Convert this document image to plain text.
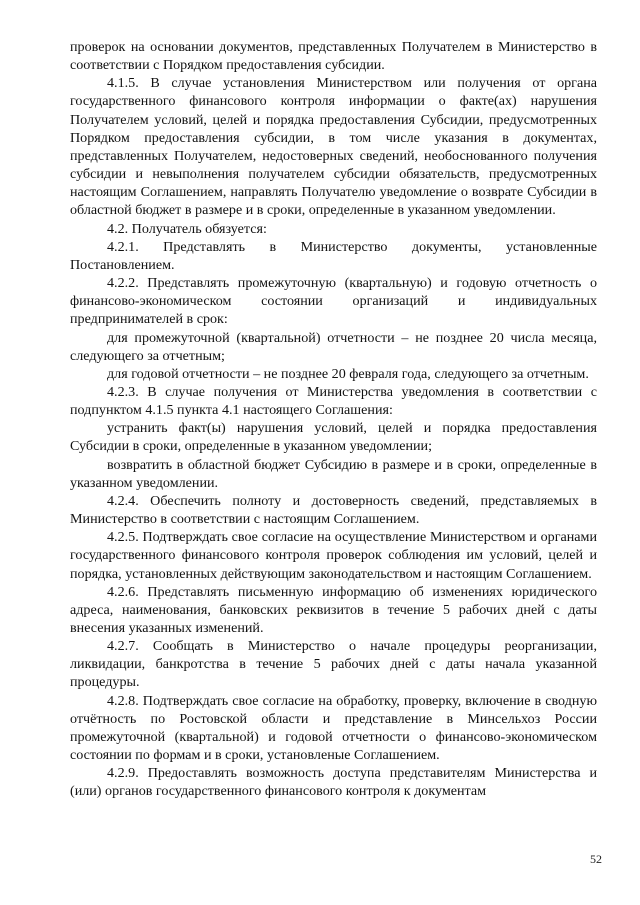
проверок на основании документов, представленных Получателем в Министерство в соответствии с Порядком предоставления субсидии.

4.1.5. В случае установления Министерством или получения от органа государственного финансового контроля информации о факте(ах) нарушения Получателем условий, целей и порядка предоставления Субсидии, предусмотренных Порядком предоставления субсидии, в том числе указания в документах, представленных Получателем, недостоверных сведений, необоснованного получения субсидии и невыполнения получателем субсидии обязательств, предусмотренных настоящим Соглашением, направлять Получателю уведомление о возврате Субсидии в областной бюджет в размере и в сроки, определенные в указанном уведомлении.

4.2. Получатель обязуется:

4.2.1. Представлять в Министерство документы, установленные Постановлением.

4.2.2. Представлять промежуточную (квартальную) и годовую отчетность о финансово-экономическом состоянии организаций и индивидуальных предпринимателей в срок:

для промежуточной (квартальной) отчетности – не позднее 20 числа месяца, следующего за отчетным;

для годовой отчетности – не позднее 20 февраля года, следующего за отчетным.

4.2.3. В случае получения от Министерства уведомления в соответствии с подпунктом 4.1.5 пункта 4.1 настоящего Соглашения:

устранить факт(ы) нарушения условий, целей и порядка предоставления Субсидии в сроки, определенные в указанном уведомлении;

возвратить в областной бюджет Субсидию в размере и в сроки, определенные в указанном уведомлении.

4.2.4. Обеспечить полноту и достоверность сведений, представляемых в Министерство в соответствии с настоящим Соглашением.

4.2.5. Подтверждать свое согласие на осуществление Министерством и органами государственного финансового контроля проверок соблюдения им условий, целей и порядка, установленных действующим законодательством и настоящим Соглашением.

4.2.6. Представлять письменную информацию об изменениях юридического адреса, наименования, банковских реквизитов в течение 5 рабочих дней с даты внесения указанных изменений.

4.2.7. Сообщать в Министерство о начале процедуры реорганизации, ликвидации, банкротства в течение 5 рабочих дней с даты начала указанной процедуры.

4.2.8. Подтверждать свое согласие на обработку, проверку, включение в сводную отчётность по Ростовской области и представление в Минсельхоз России промежуточной (квартальной) и годовой отчетности о финансово-экономическом состоянии по формам и в сроки, установленые Соглашением.

4.2.9. Предоставлять возможность доступа представителям Министерства и (или) органов государственного финансового контроля к документам

52
